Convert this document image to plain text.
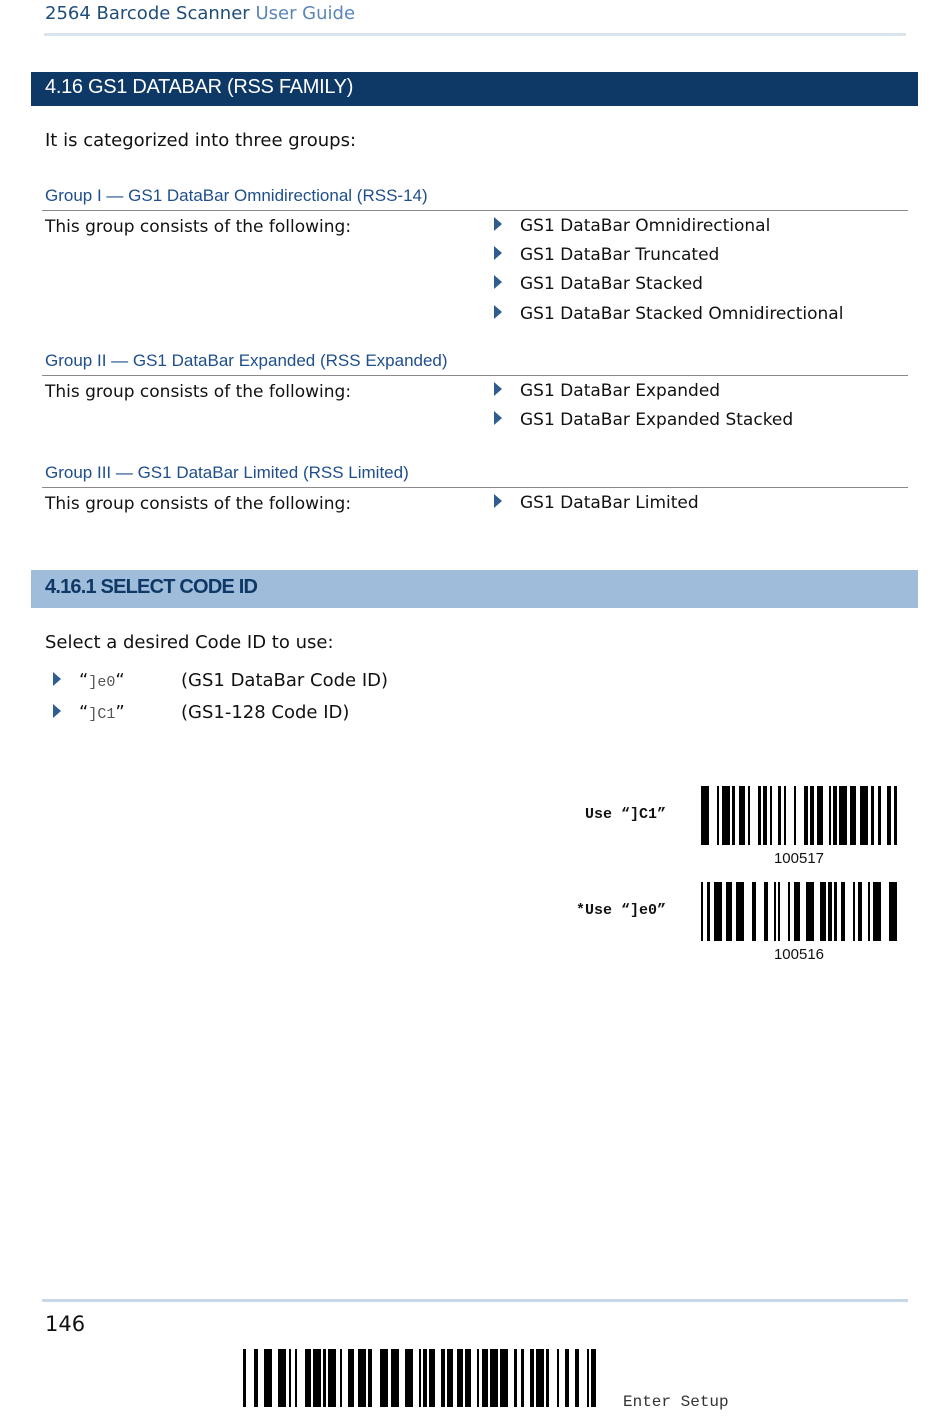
2564 Barcode Scanner User Guide
4.16 GS1 DATABAR (RSS FAMILY)
It is categorized into three groups:
Group I — GS1 DataBar Omnidirectional (RSS-14)
This group consists of the following:	GS1 DataBar Omnidirectional
GS1 DataBar Truncated
GS1 DataBar Stacked
GS1 DataBar Stacked Omnidirectional
Group II — GS1 DataBar Expanded (RSS Expanded)
This group consists of the following:	GS1 DataBar Expanded
GS1 DataBar Expanded Stacked
Group III — GS1 DataBar Limited (RSS Limited)
This group consists of the following:	GS1 DataBar Limited
4.16.1 SELECT CODE ID
Select a desired Code ID to use:
“]e0“	(GS1 DataBar Code ID)
“]C1”	(GS1-128 Code ID)
Use “]C1”
100517
*Use “]e0”
100516
146
Enter Setup
